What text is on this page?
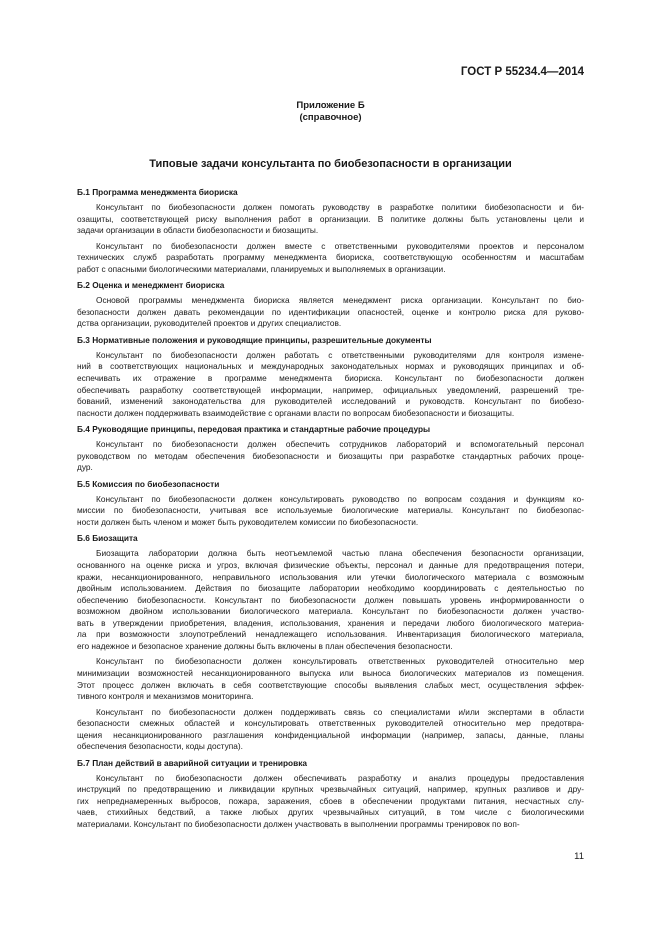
ГОСТ Р 55234.4—2014
Приложение Б
(справочное)
Типовые задачи консультанта по биобезопасности в организации
Б.1 Программа менеджмента биориска
Консультант по биобезопасности должен помогать руководству в разработке политики биобезопасности и би-
озащиты, соответствующей риску выполнения работ в организации. В политике должны быть установлены цели и
задачи организации в области биобезопасности и биозащиты.
Консультант по биобезопасности должен вместе с ответственными руководителями проектов и персоналом
технических служб разработать программу менеджмента биориска, соответствующую особенностям и масштабам
работ с опасными биологическими материалами, планируемых и выполняемых в организации.
Б.2 Оценка и менеджмент биориска
Основой программы менеджмента биориска является менеджмент риска организации. Консультант по био-
безопасности должен давать рекомендации по идентификации опасностей, оценке и контролю риска для руково-
дства организации, руководителей проектов и других специалистов.
Б.3 Нормативные положения и руководящие принципы, разрешительные документы
Консультант по биобезопасности должен работать с ответственными руководителями для контроля измене-
ний в соответствующих национальных и международных законодательных нормах и руководящих принципах и об-
еспечивать их отражение в программе менеджмента биориска. Консультант по биобезопасности должен
обеспечивать разработку соответствующей информации, например, официальных уведомлений, разрешений тре-
бований, изменений законодательства для руководителей исследований и руководств. Консультант по биобезо-
пасности должен поддерживать взаимодействие с органами власти по вопросам биобезопасности и биозащиты.
Б.4 Руководящие принципы, передовая практика и стандартные рабочие процедуры
Консультант по биобезопасности должен обеспечить сотрудников лабораторий и вспомогательный персонал
руководством по методам обеспечения биобезопасности и биозащиты при разработке стандартных рабочих проце-
дур.
Б.5 Комиссия по биобезопасности
Консультант по биобезопасности должен консультировать руководство по вопросам создания и функциям ко-
миссии по биобезопасности, учитывая все используемые биологические материалы. Консультант по биобезопас-
ности должен быть членом и может быть руководителем комиссии по биобезопасности.
Б.6 Биозащита
Биозащита лаборатории должна быть неотъемлемой частью плана обеспечения безопасности организации,
основанного на оценке риска и угроз, включая физические объекты, персонал и данные для предотвращения потери,
кражи, несанкционированного, неправильного использования или утечки биологического материала с возможным
двойным использованием. Действия по биозащите лаборатории необходимо координировать с деятельностью по
обеспечению биобезопасности. Консультант по биобезопасности должен повышать уровень информированности о
возможном двойном использовании биологического материала. Консультант по биобезопасности должен участво-
вать в утверждении приобретения, владения, использования, хранения и передачи любого биологического материа-
ла при возможности злоупотреблений ненадлежащего использования. Инвентаризация биологического материала,
его надежное и безопасное хранение должны быть включены в план обеспечения безопасности.
Консультант по биобезопасности должен консультировать ответственных руководителей относительно мер
минимизации возможностей несанкционированного выпуска или выноса биологических материалов из помещения.
Этот процесс должен включать в себя соответствующие способы выявления слабых мест, осуществления эффек-
тивного контроля и механизмов мониторинга.
Консультант по биобезопасности должен поддерживать связь со специалистами и/или экспертами в области
безопасности смежных областей и консультировать ответственных руководителей относительно мер предотвра-
щения несанкционированного разглашения конфиденциальной информации (например, запасы, данные, планы
обеспечения безопасности, коды доступа).
Б.7 План действий в аварийной ситуации и тренировка
Консультант по биобезопасности должен обеспечивать разработку и анализ процедуры предоставления
инструкций по предотвращению и ликвидации крупных чрезвычайных ситуаций, например, крупных разливов и дру-
гих непреднамеренных выбросов, пожара, заражения, сбоев в обеспечении продуктами питания, несчастных слу-
чаев, стихийных бедствий, а также любых других чрезвычайных ситуаций, в том числе с биологическими
материалами. Консультант по биобезопасности должен участвовать в выполнении программы тренировок по воп-
11
